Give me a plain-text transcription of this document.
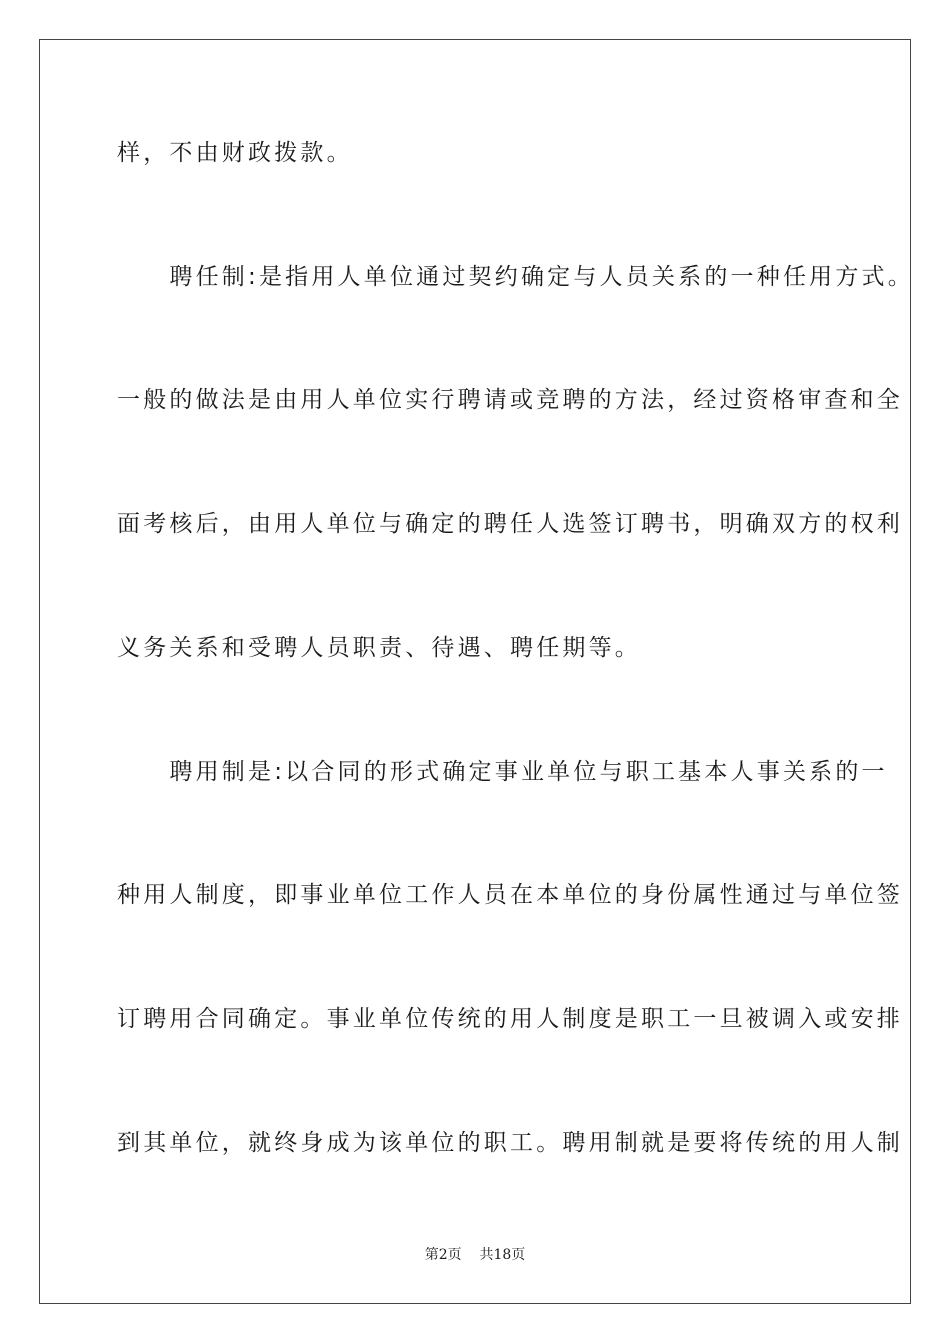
样，不由财政拨款。
　　聘任制:是指用人单位通过契约确定与人员关系的一种任用方式。
一般的做法是由用人单位实行聘请或竞聘的方法，经过资格审查和全
面考核后，由用人单位与确定的聘任人选签订聘书，明确双方的权利
义务关系和受聘人员职责、待遇、聘任期等。
　　聘用制是:以合同的形式确定事业单位与职工基本人事关系的一
种用人制度，即事业单位工作人员在本单位的身份属性通过与单位签
订聘用合同确定。事业单位传统的用人制度是职工一旦被调入或安排
到其单位，就终身成为该单位的职工。聘用制就是要将传统的用人制
第2页 共18页
